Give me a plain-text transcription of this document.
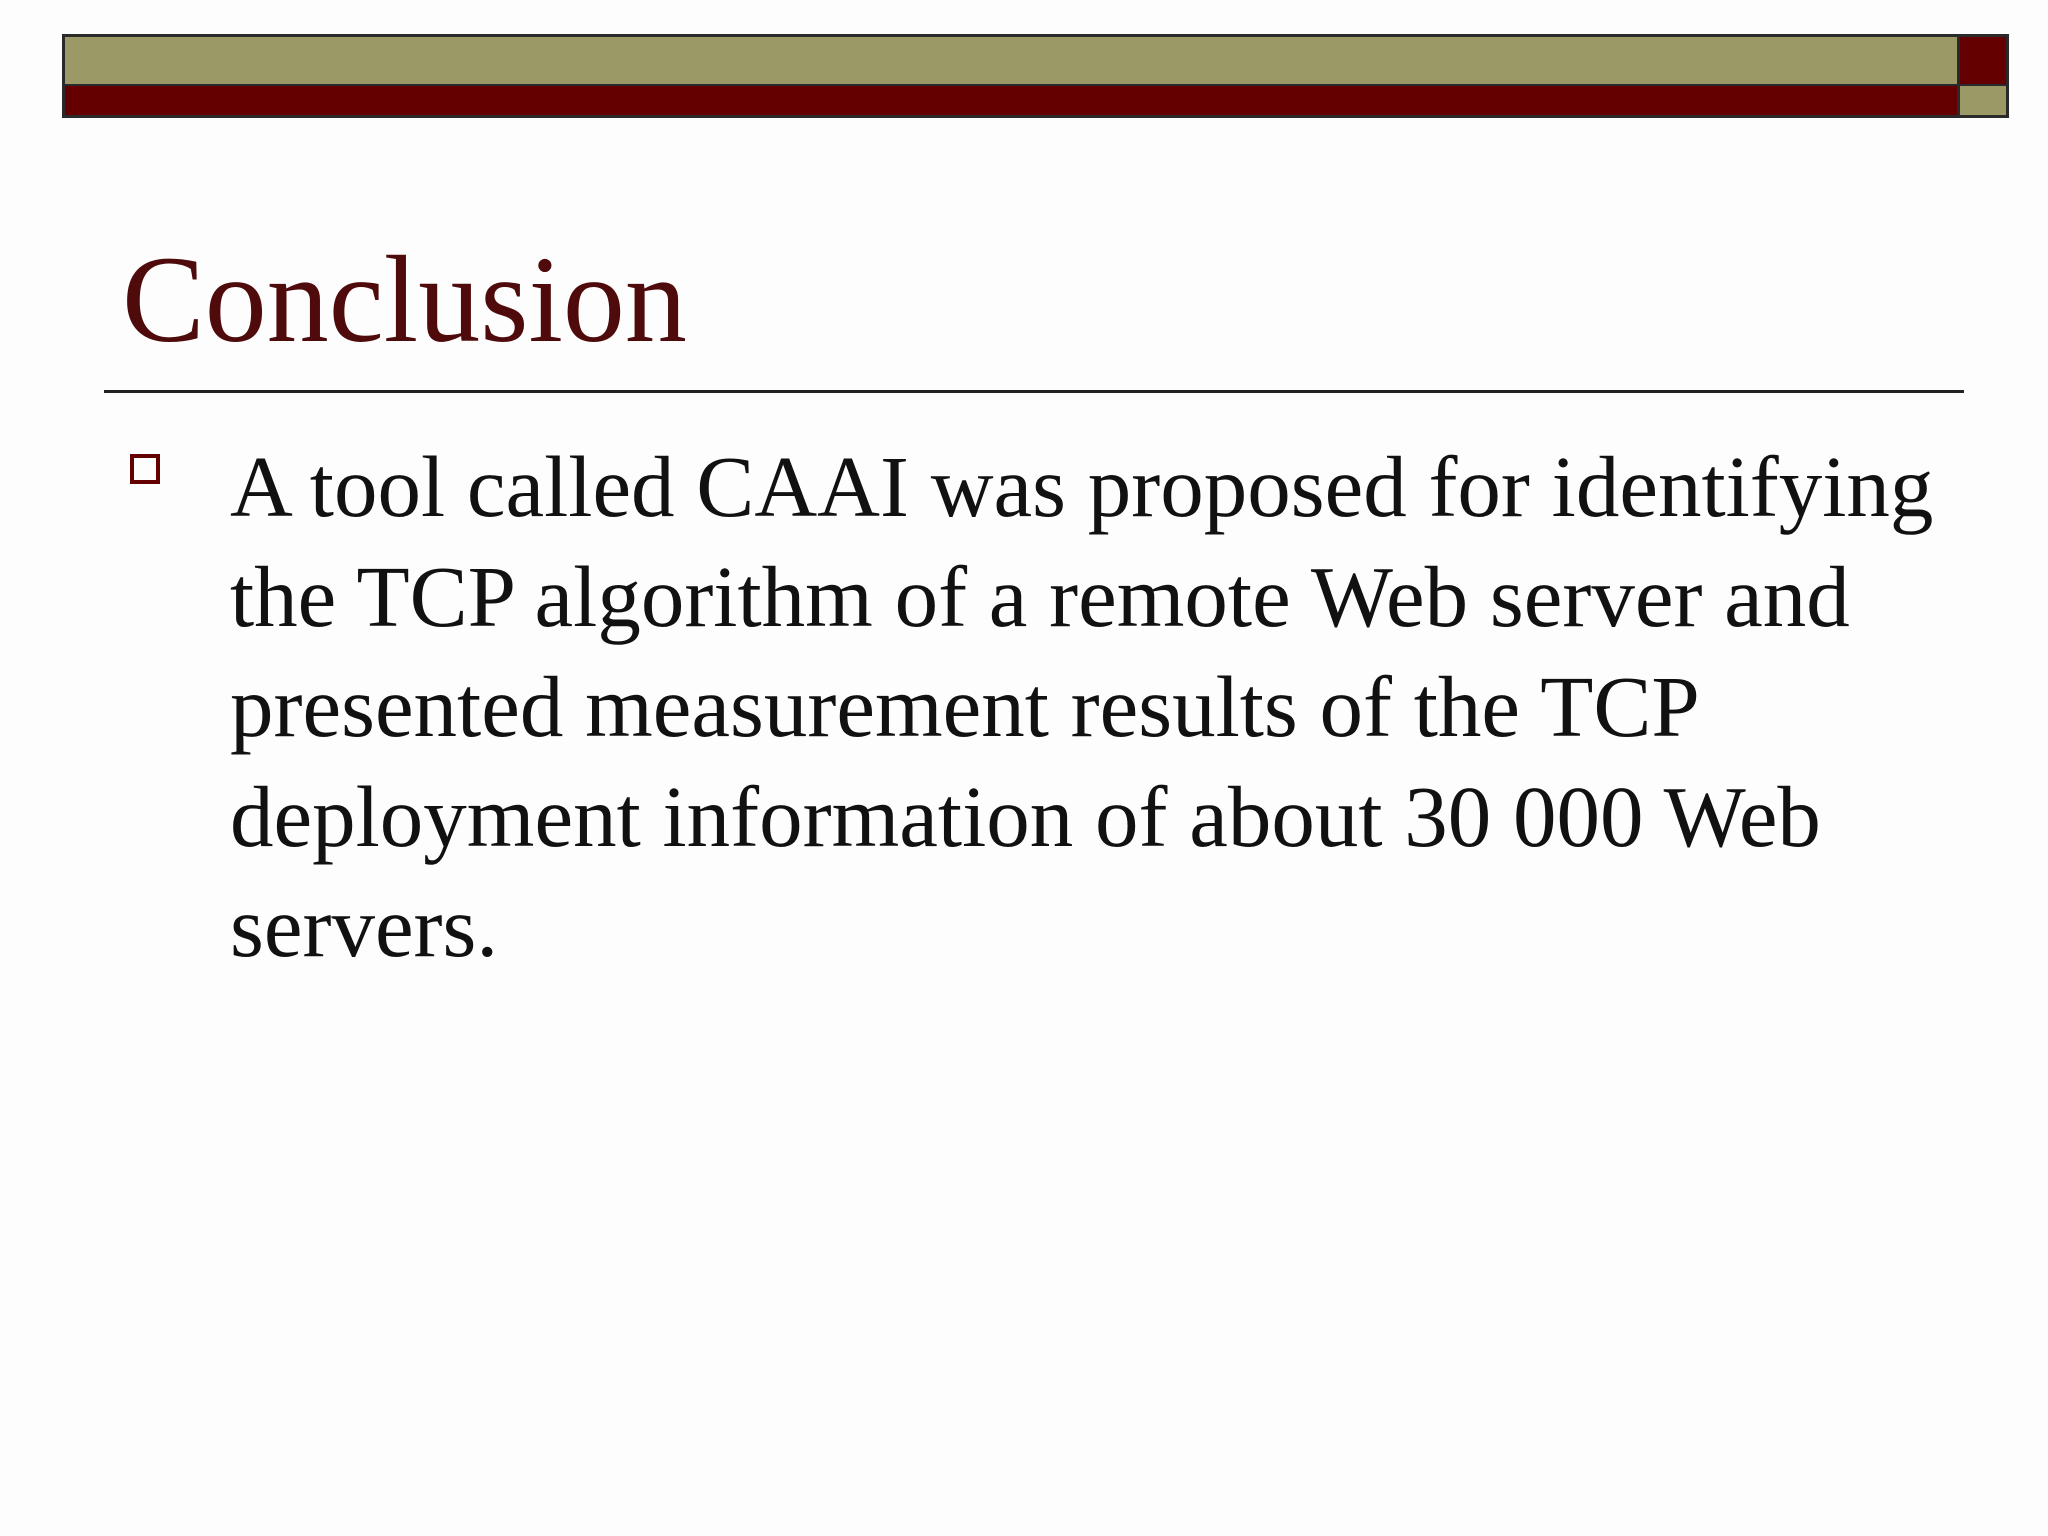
Conclusion
A tool called CAAI was proposed for identifying the TCP algorithm of a remote Web server and presented measurement results of the TCP deployment information of about 30 000 Web servers.
